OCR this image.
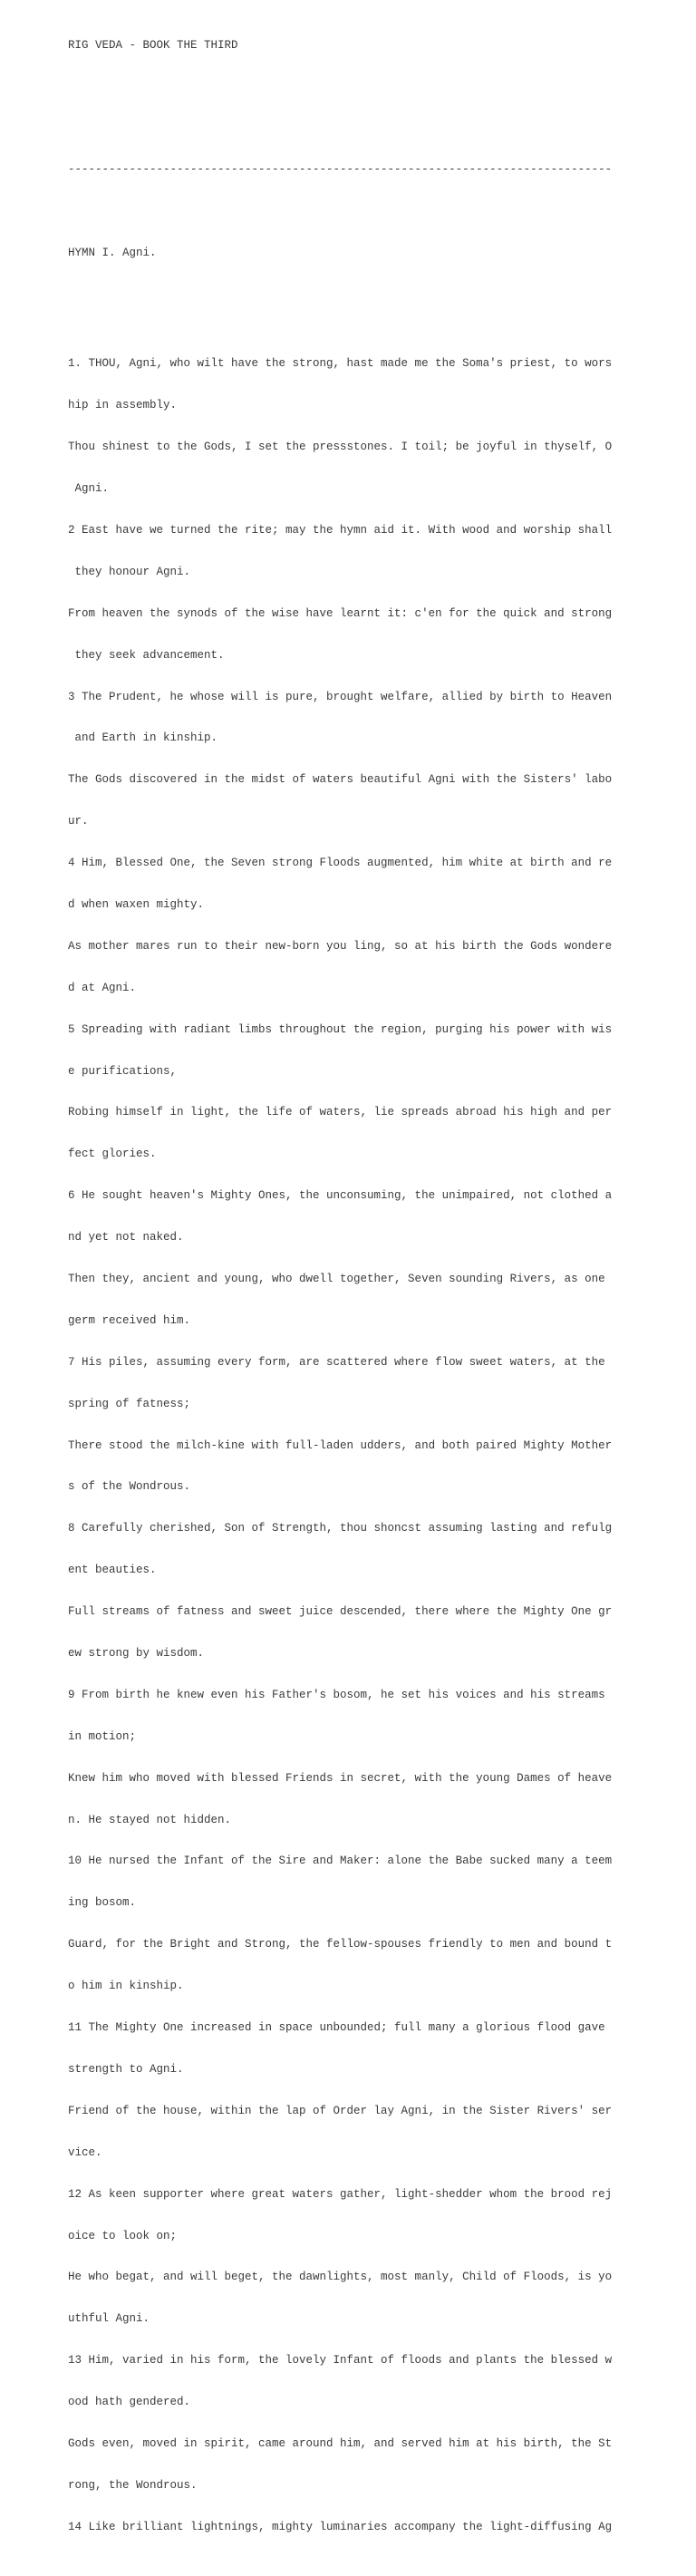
RIG VEDA - BOOK THE THIRD

--------------------------------------------------------------------------------

HYMN I. Agni.

1. THOU, Agni, who wilt have the strong, hast made me the Soma's priest, to wors

hip in assembly.

Thou shinest to the Gods, I set the pressstones. I toil; be joyful in thyself, O

Agni.

2 East have we turned the rite; may the hymn aid it. With wood and worship shall

they honour Agni.

From heaven the synods of the wise have learnt it: c'en for the quick and strong

they seek advancement.

3 The Prudent, he whose will is pure, brought welfare, allied by birth to Heaven

and Earth in kinship.

The Gods discovered in the midst of waters beautiful Agni with the Sisters' labo

ur.

4 Him, Blessed One, the Seven strong Floods augmented, him white at birth and re

d when waxen mighty.

As mother mares run to their new-born you ling, so at his birth the Gods wondere

d at Agni.

5 Spreading with radiant limbs throughout the region, purging his power with wis

e purifications,

Robing himself in light, the life of waters, lie spreads abroad his high and per

fect glories.

6 He sought heaven's Mighty Ones, the unconsuming, the unimpaired, not clothed a

nd yet not naked.

Then they, ancient and young, who dwell together, Seven sounding Rivers, as one

germ received him.

7 His piles, assuming every form, are scattered where flow sweet waters, at the

spring of fatness;

There stood the milch-kine with full-laden udders, and both paired Mighty Mother

s of the Wondrous.

8 Carefully cherished, Son of Strength, thou shoncst assuming lasting and refulg

ent beauties.

Full streams of fatness and sweet juice descended, there where the Mighty One gr

ew strong by wisdom.

9 From birth he knew even his Father's bosom, he set his voices and his streams

in motion;

Knew him who moved with blessed Friends in secret, with the young Dames of heave

n. He stayed not hidden.

10 He nursed the Infant of the Sire and Maker: alone the Babe sucked many a teem

ing bosom.

Guard, for the Bright and Strong, the fellow-spouses friendly to men and bound t

o him in kinship.

11 The Mighty One increased in space unbounded; full many a glorious flood gave

strength to Agni.

Friend of the house, within the lap of Order lay Agni, in the Sister Rivers' ser

vice.

12 As keen supporter where great waters gather, light-shedder whom the brood rej

oice to look on;

He who begat, and will beget, the dawnlights, most manly, Child of Floods, is yo

uthful Agni.

13 Him, varied in his form, the lovely Infant of floods and plants the blessed w

ood hath gendered.

Gods even, moved in spirit, came around him, and served him at his birth, the St

rong, the Wondrous.

14 Like brilliant lightnings, mighty luminaries accompany the light-diffusing Ag
